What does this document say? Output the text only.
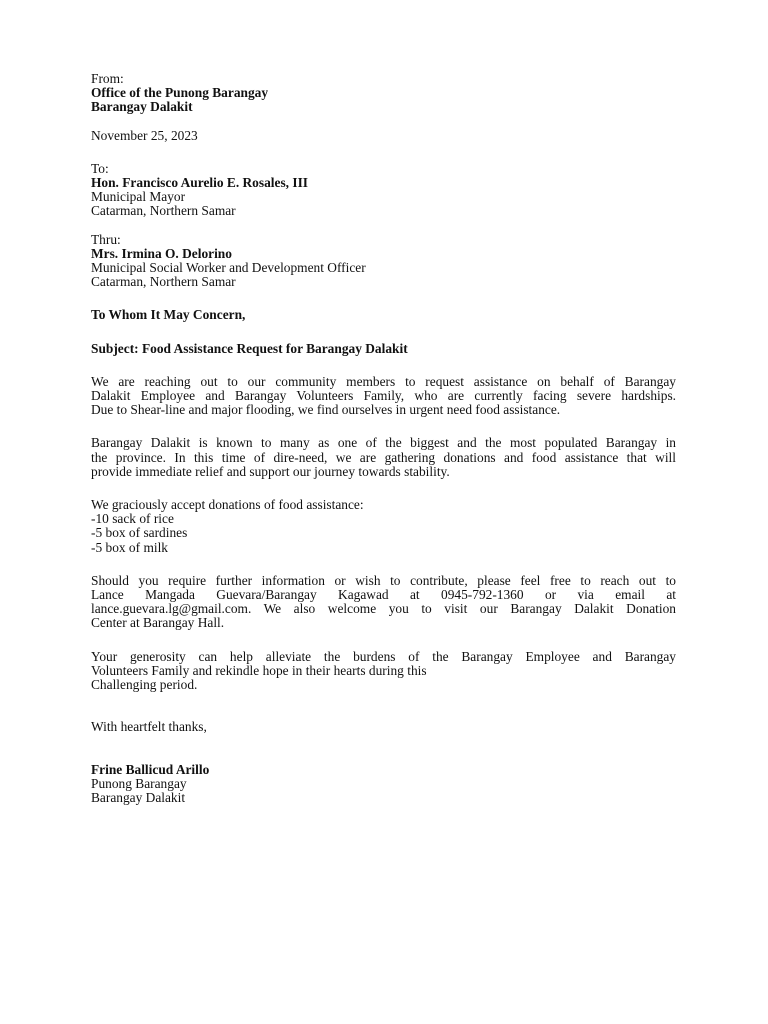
From:
Office of the Punong Barangay
Barangay Dalakit
November 25, 2023
To:
Hon. Francisco Aurelio E. Rosales, III
Municipal Mayor
Catarman, Northern Samar
Thru:
Mrs. Irmina O. Delorino
Municipal Social Worker and Development Officer
Catarman, Northern Samar
To Whom It May Concern,
Subject: Food Assistance Request for Barangay Dalakit
We are reaching out to our community members to request assistance on behalf of Barangay
Dalakit Employee and Barangay Volunteers Family, who are currently facing severe hardships.
Due to Shear-line and major flooding, we find ourselves in urgent need food assistance.
Barangay Dalakit is known to many as one of the biggest and the most populated Barangay in
the province. In this time of dire-need, we are gathering donations and food assistance that will
provide immediate relief and support our journey towards stability.
We graciously accept donations of food assistance:
-10 sack of rice
-5 box of sardines
-5 box of milk
Should you require further information or wish to contribute, please feel free to reach out to
Lance Mangada Guevara/Barangay Kagawad at 0945-792-1360 or via email at
lance.guevara.lg@gmail.com. We also welcome you to visit our Barangay Dalakit Donation
Center at Barangay Hall.
Your generosity can help alleviate the burdens of the Barangay Employee and Barangay
Volunteers Family and rekindle hope in their hearts during this
Challenging period.
With heartfelt thanks,
Frine Ballicud Arillo
Punong Barangay
Barangay Dalakit
